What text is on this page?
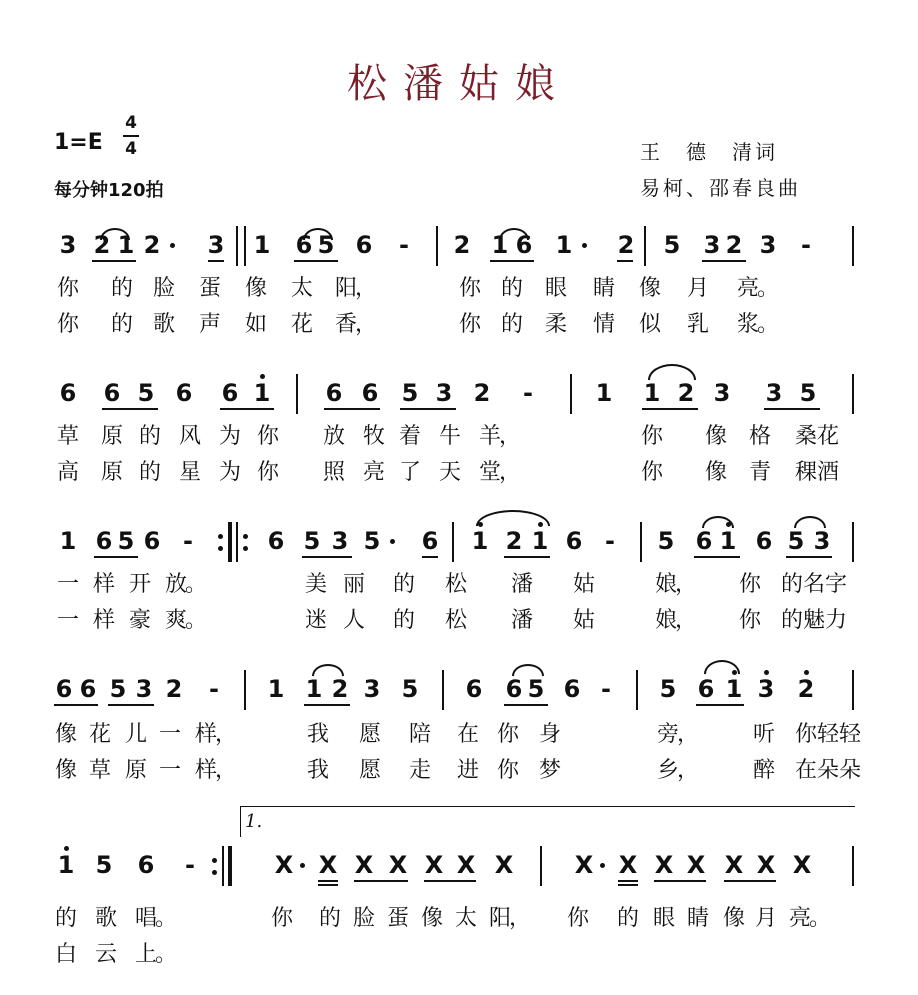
松潘姑娘
1=E
4
4
每分钟120拍
王　德　清词
易柯、邵春良曲
3 2 1 2 3 1 6 5 6	-	2 1 6 1 2 5 3 2 3	-
你 的 脸 蛋 像 太 阳
，	你 的 眼 睛 像 月 亮
。
你 的 歌 声 如 花 香
，	你 的 柔 情 似 乳 浆
。
6 6 5 6 6 1 6 6 5 3 2	-	1 1 2 3 3 5
草 原 的 风 为 你 放 牧 着 牛 羊
，	你 像 格 桑 花
高 原 的 星 为 你 照 亮 了 天 堂
，	你 像 青 稞 酒
1 6 5 6 -	6 5 3 5 6 1 2 1 6 -	5 6 1 6 5 3
一 样 开 放
。	美 丽 的 松 潘 姑	娘
， 你 的 名 字
一 样 豪 爽
。	迷 人 的 松 潘 姑	娘
， 你 的 魅 力
6 6 5 3 2	-	1 1 2 3 5 6 6 5 6 -	5 6 1 3 2
像 花 儿 一 样
，	我 愿 陪 在 你 身	旁
， 听 你 轻 轻
像 草 原 一 样
，	我 愿 走 进 你 梦	乡
， 醉 在 朵 朵
1.
1 5 6	-	X X X X X X X	X X X X X X X
的 歌 唱
。	你 的 脸 蛋 像 太 阳
， 你 的 眼 睛 像 月 亮
。
白 云 上
。
